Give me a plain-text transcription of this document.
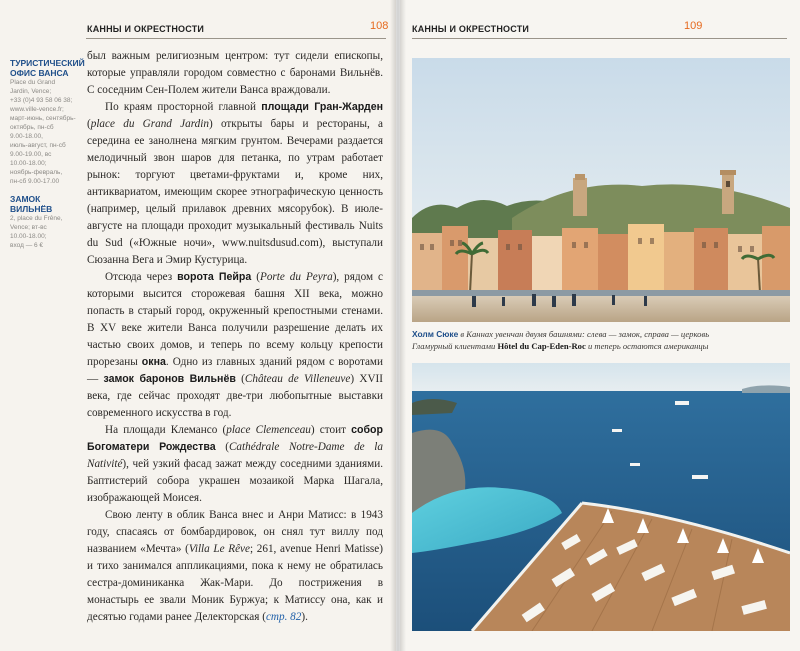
КАННЫ И ОКРЕСТНОСТИ	108
ТУРИСТИЧЕСКИЙ
ОФИС ВАНСА
Place du Grand
Jardin, Vence;
+33 (0)4 93 58 06 38;
www.ville-vence.fr;
март-июнь, сентябрь-
октябрь, пн-сб
9.00-18.00,
июль-август, пн-сб
9.00-19.00, вс
10.00-18.00;
ноябрь-февраль,
пн-сб 9.00-17.00
ЗАМОК ВИЛЬНЁВ
2, place du Frêne,
Vence; вт-вс
10.00-18.00;
вход — 6 €

был важным религиозным центром: тут сидели епископы, которые управляли городом совместно с баронами Вильнёв. С соседним Сен-Полем жители Ванса враждовали.

По краям просторной главной площади Гран-Жарден (place du Grand Jardin) открыты бары и рестораны, а середина ее занолнена мягким грунтом. Вечерами раздается мелодичный звон шаров для петанка, по утрам работает рынок: торгуют цветами-фруктами и, кроме них, антиквариатом, имеющим скорее этнографическую ценность (например, целый прилавок древних мясорубок). В июле-августе на площади проходит музыкальный фестиваль Nuits du Sud («Южные ночи», www.nuitsdusud.com), выступали Сюзанна Вега и Эмир Кустурица.

Отсюда через ворота Пейра (Porte du Peyra), рядом с которыми высится сторожевая башня XII века, можно попасть в старый город, окруженный крепостными стенами. В XV веке жители Ванса получили разрешение делать их частью своих домов, и теперь по всему кольцу крепости прорезаны окна. Одно из главных зданий рядом с воротами — замок баронов Вильнёв (Château de Villeneuve) XVII века, где сейчас проходят две-три любопытные выставки современного искусства в год.

На площади Клемансо (place Clemenceau) стоит собор Богоматери Рождества (Cathédrale Notre-Dame de la Nativité), чей узкий фасад зажат между соседними зданиями. Баптистерий собора украшен мозаикой Марка Шагала, изображающей Моисея.

Свою ленту в облик Ванса внес и Анри Матисс: в 1943 году, спасаясь от бомбардировок, он снял тут виллу под названием «Мечта» (Villa Le Rêve; 261, avenue Henri Matisse) и тихо занимался аппликациями, пока к нему не обратилась сестра-доминиканка Жак-Мари. До пострижения в монастырь ее звали Моник Буржуа; к Матиссу она, как и десятью годами ранее Делекторская (стр. 82).

КАННЫ И ОКРЕСТНОСТИ	109
Холм Сюкe в Каннах увенчан двумя башнями: слева — замок, справа — церковь
Гламурный клиентами Hôtel du Cap-Eden-Roc и теперь остаются американцы
